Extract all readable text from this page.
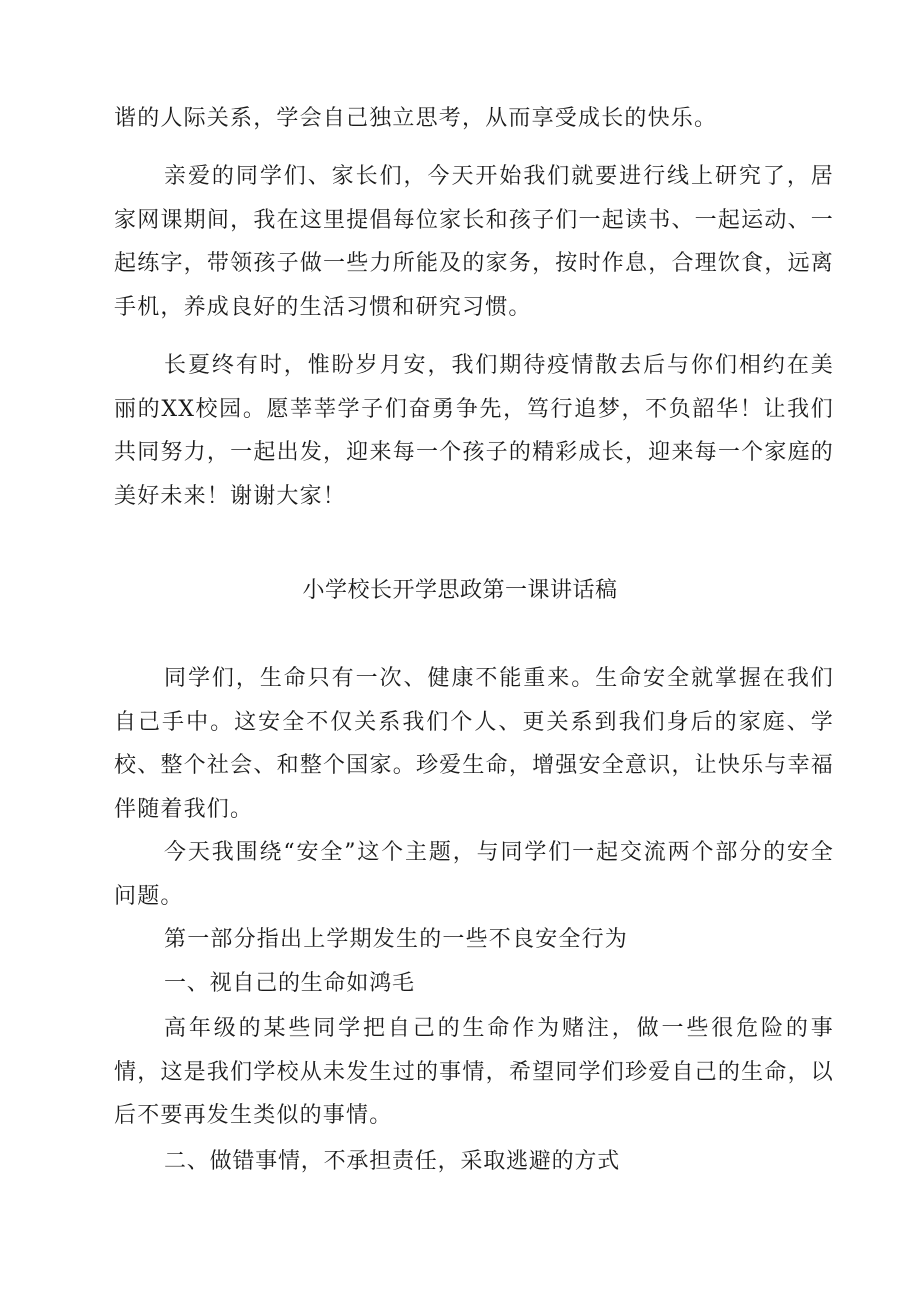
谐的人际关系，学会自己独立思考，从而享受成长的快乐。

亲爱的同学们、家长们，今天开始我们就要进行线上研究了，居家网课期间，我在这里提倡每位家长和孩子们一起读书、一起运动、一起练字，带领孩子做一些力所能及的家务，按时作息，合理饮食，远离手机，养成良好的生活习惯和研究习惯。

长夏终有时，惟盼岁月安，我们期待疫情散去后与你们相约在美丽的XX校园。愿莘莘学子们奋勇争先，笃行追梦，不负韶华！让我们共同努力，一起出发，迎来每一个孩子的精彩成长，迎来每一个家庭的美好未来！谢谢大家！

小学校长开学思政第一课讲话稿

同学们，生命只有一次、健康不能重来。生命安全就掌握在我们自己手中。这安全不仅关系我们个人、更关系到我们身后的家庭、学校、整个社会、和整个国家。珍爱生命，增强安全意识，让快乐与幸福伴随着我们。

今天我围绕“安全”这个主题，与同学们一起交流两个部分的安全问题。

第一部分指出上学期发生的一些不良安全行为

一、视自己的生命如鸿毛

高年级的某些同学把自己的生命作为赌注，做一些很危险的事情，这是我们学校从未发生过的事情，希望同学们珍爱自己的生命，以后不要再发生类似的事情。

二、做错事情，不承担责任，采取逃避的方式
